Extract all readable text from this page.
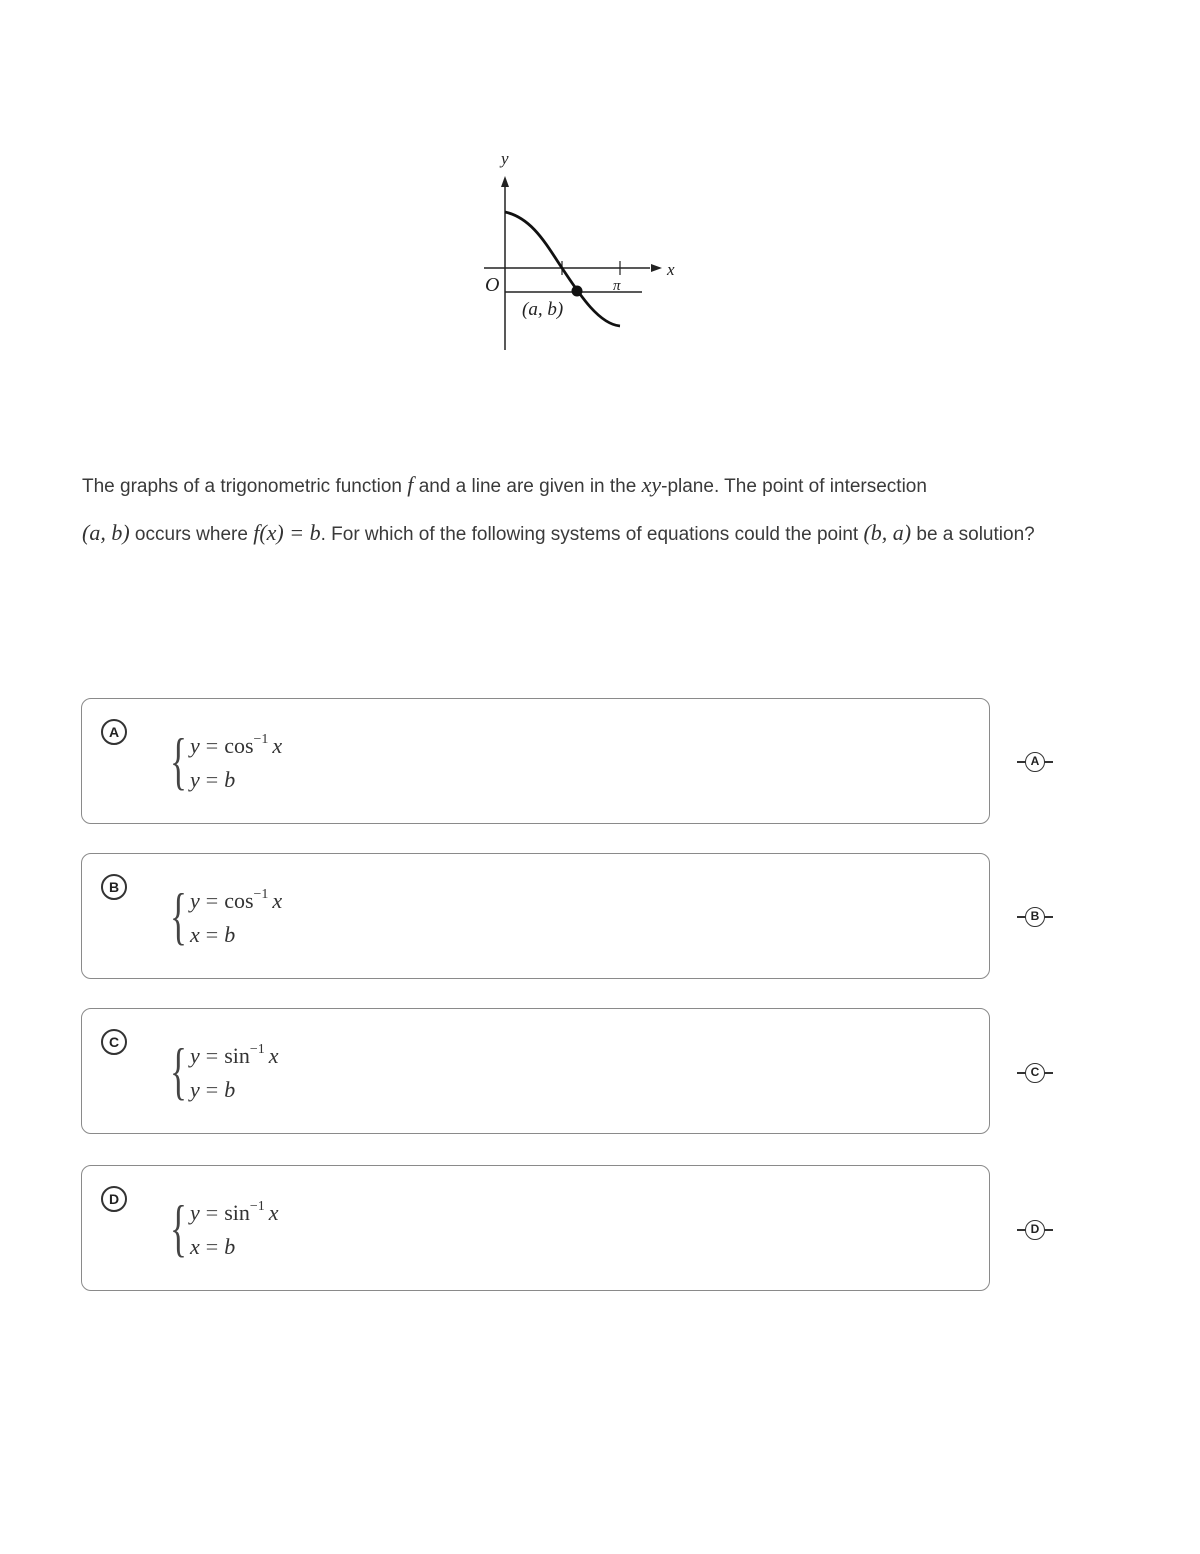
y
x
O	π
(a, b)
The graphs of a trigonometric function f and a line are given in the xy-plane. The point of intersection
(a, b) occurs where f(x) = b. For which of the following systems of equations could the point (b, a) be a solution?
A { $y = \cos^{-1} x$
y = b
A
B { $y = \cos^{-1} x$
x = b
B
C { $y = \sin^{-1} x$
y = b
C
D { $y = \sin^{-1} x$
x = b
D
